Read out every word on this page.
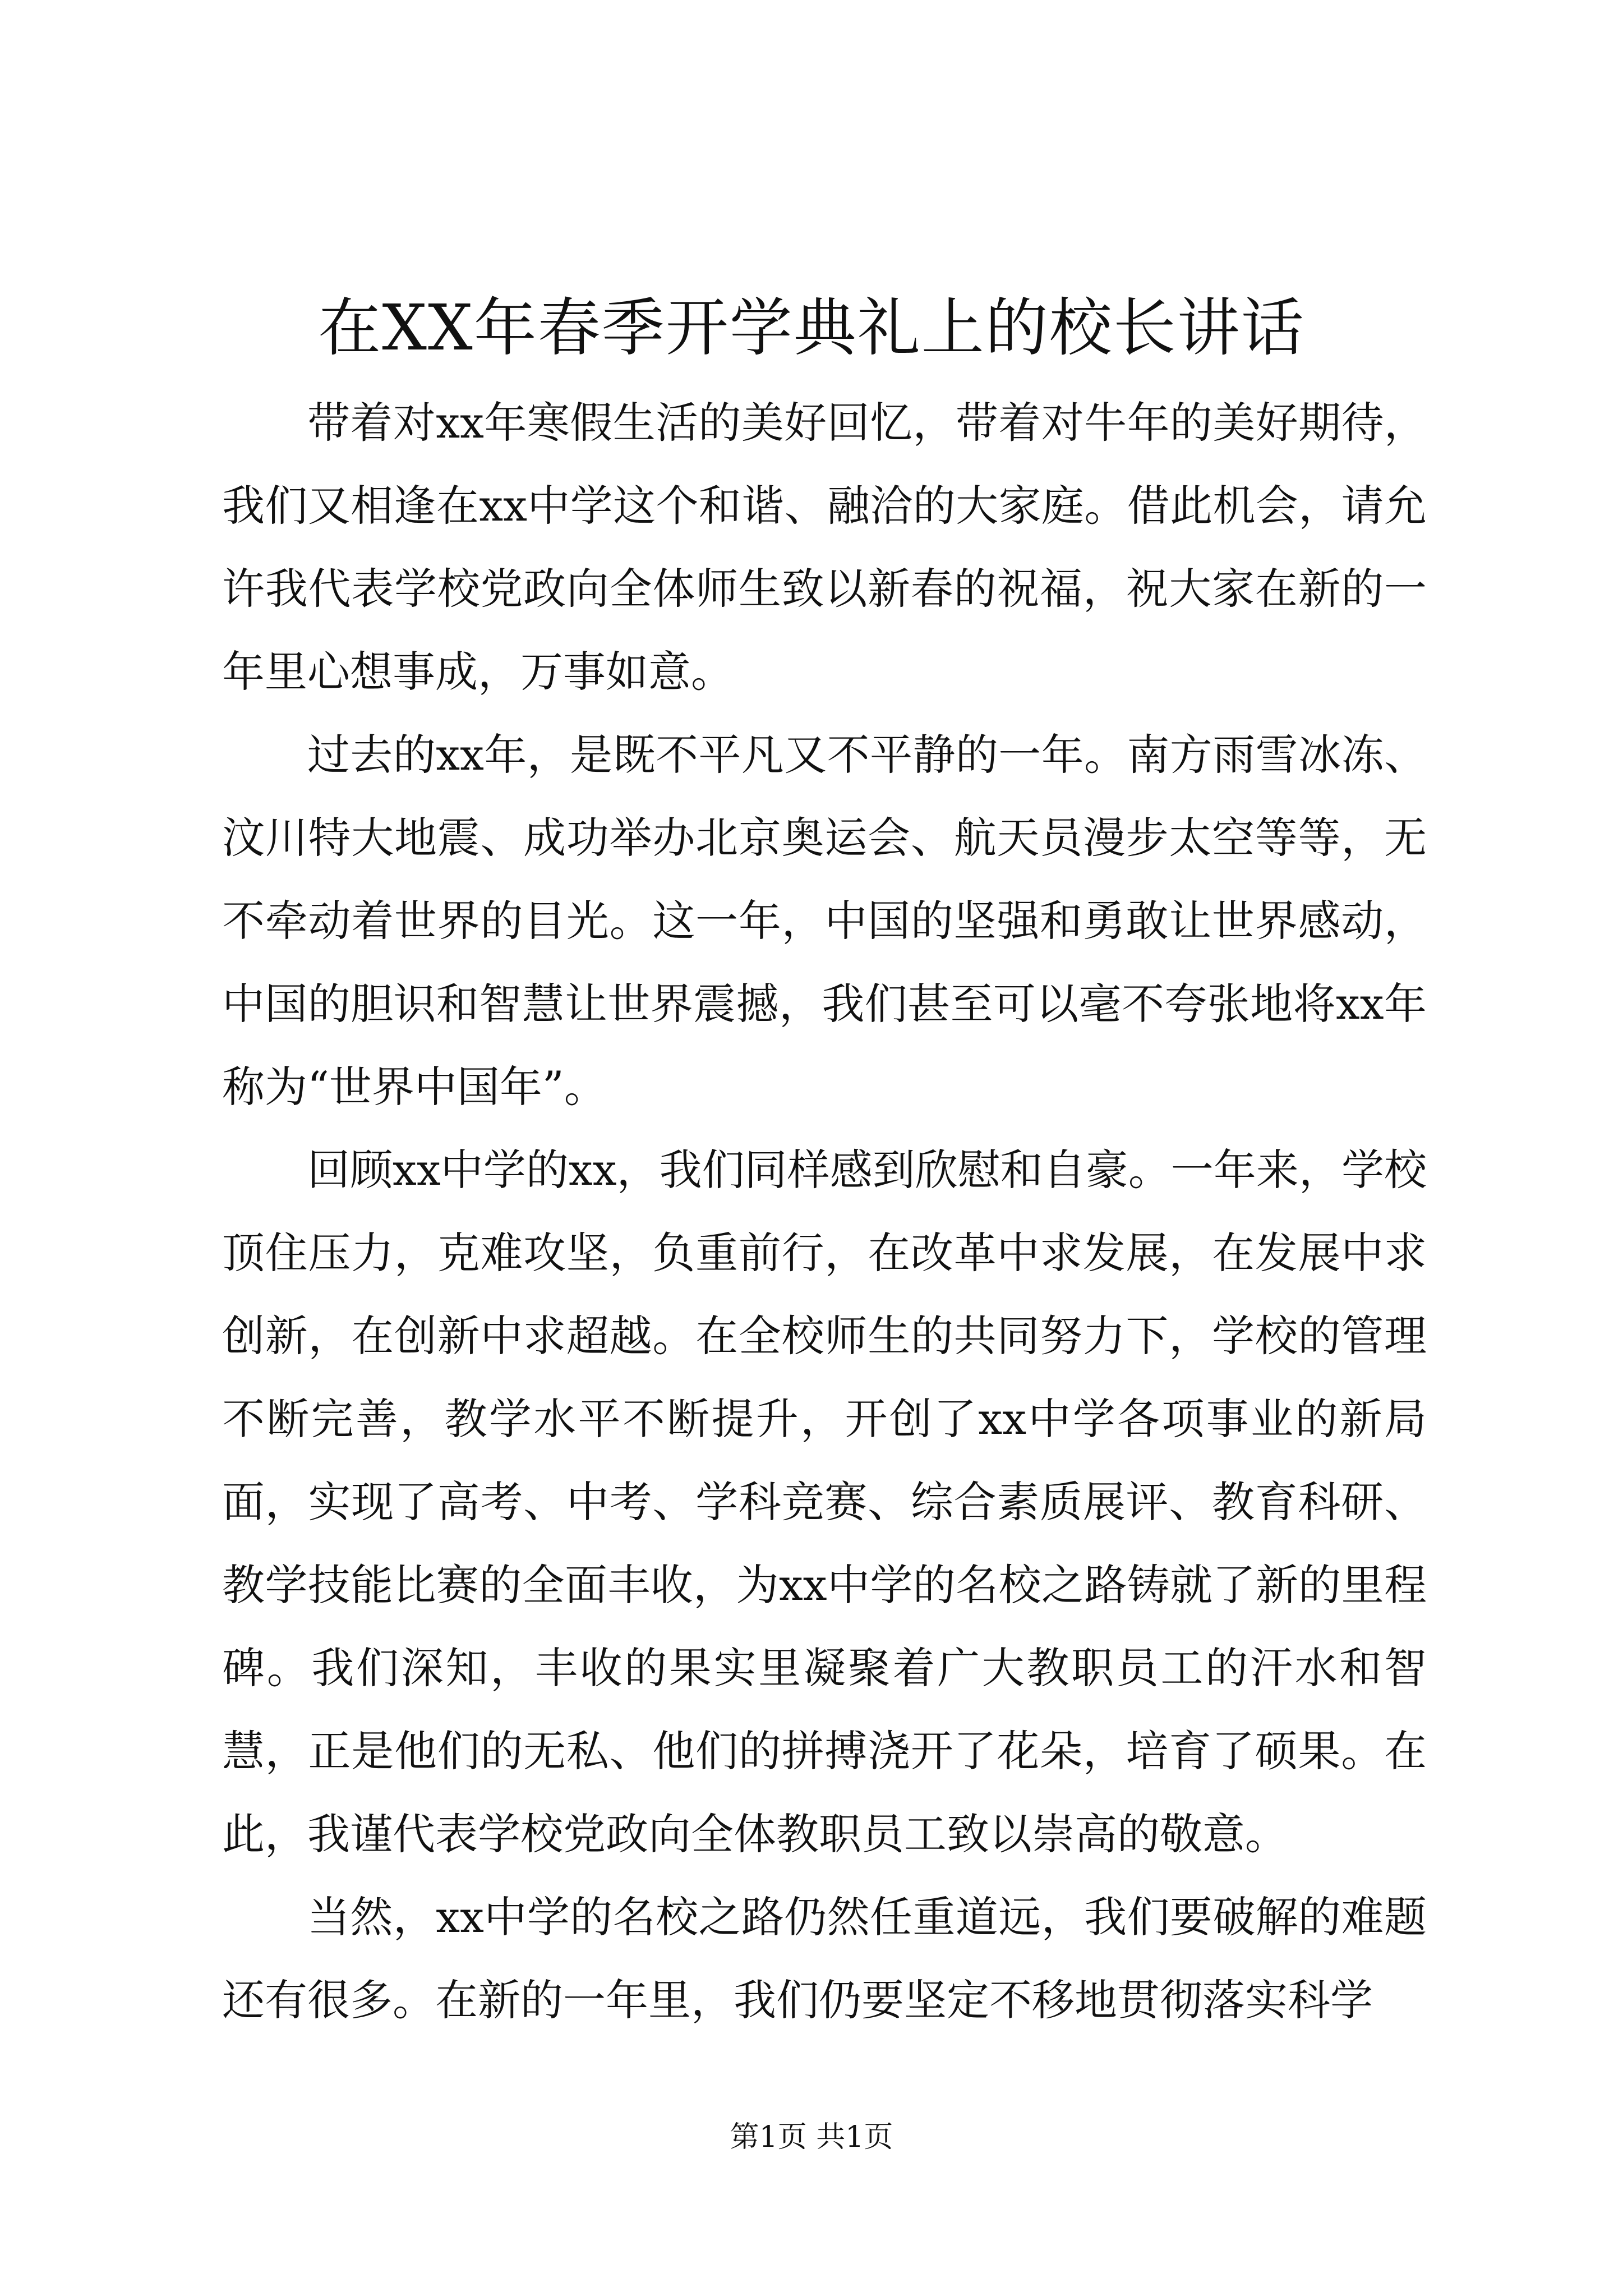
在XX年春季开学典礼上的校长讲话

带着对xx年寒假生活的美好回忆，带着对牛年的美好期待，我们又相逢在xx中学这个和谐、融洽的大家庭。借此机会，请允许我代表学校党政向全体师生致以新春的祝福，祝大家在新的一年里心想事成，万事如意。

过去的xx年，是既不平凡又不平静的一年。南方雨雪冰冻、汶川特大地震、成功举办北京奥运会、航天员漫步太空等等，无不牵动着世界的目光。这一年，中国的坚强和勇敢让世界感动，中国的胆识和智慧让世界震撼，我们甚至可以毫不夸张地将xx年称为“世界中国年”。

回顾xx中学的xx，我们同样感到欣慰和自豪。一年来，学校顶住压力，克难攻坚，负重前行，在改革中求发展，在发展中求创新，在创新中求超越。在全校师生的共同努力下，学校的管理不断完善，教学水平不断提升，开创了xx中学各项事业的新局面，实现了高考、中考、学科竞赛、综合素质展评、教育科研、教学技能比赛的全面丰收，为xx中学的名校之路铸就了新的里程碑。我们深知，丰收的果实里凝聚着广大教职员工的汗水和智慧，正是他们的无私、他们的拼搏浇开了花朵，培育了硕果。在此，我谨代表学校党政向全体教职员工致以崇高的敬意。

当然，xx中学的名校之路仍然任重道远，我们要破解的难题还有很多。在新的一年里，我们仍要坚定不移地贯彻落实科学

第1页 共1页
